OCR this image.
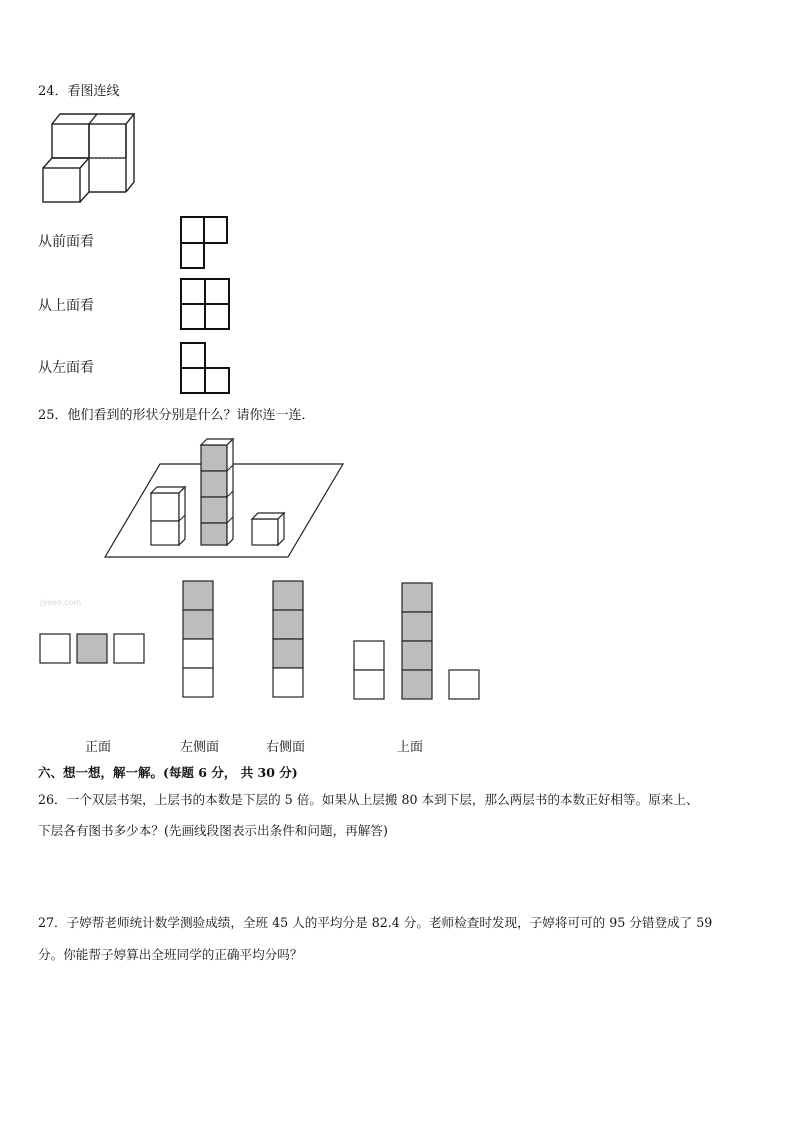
24．看图连线
从前面看
从上面看
从左面看
25．他们看到的形状分别是什么？请你连一连．
jyeoo.com
正面	左侧面	右侧面	上面
六、想一想，解一解。(每题 6 分， 共 30 分)
26．一个双层书架，上层书的本数是下层的 5 倍。如果从上层搬 80 本到下层，那么两层书的本数正好相等。原来上、
下层各有图书多少本？(先画线段图表示出条件和问题，再解答)
27．子婷帮老师统计数学测验成绩，全班 45 人的平均分是 82.4 分。老师检查时发现，子婷将可可的 95 分错登成了 59
分。你能帮子婷算出全班同学的正确平均分吗？
